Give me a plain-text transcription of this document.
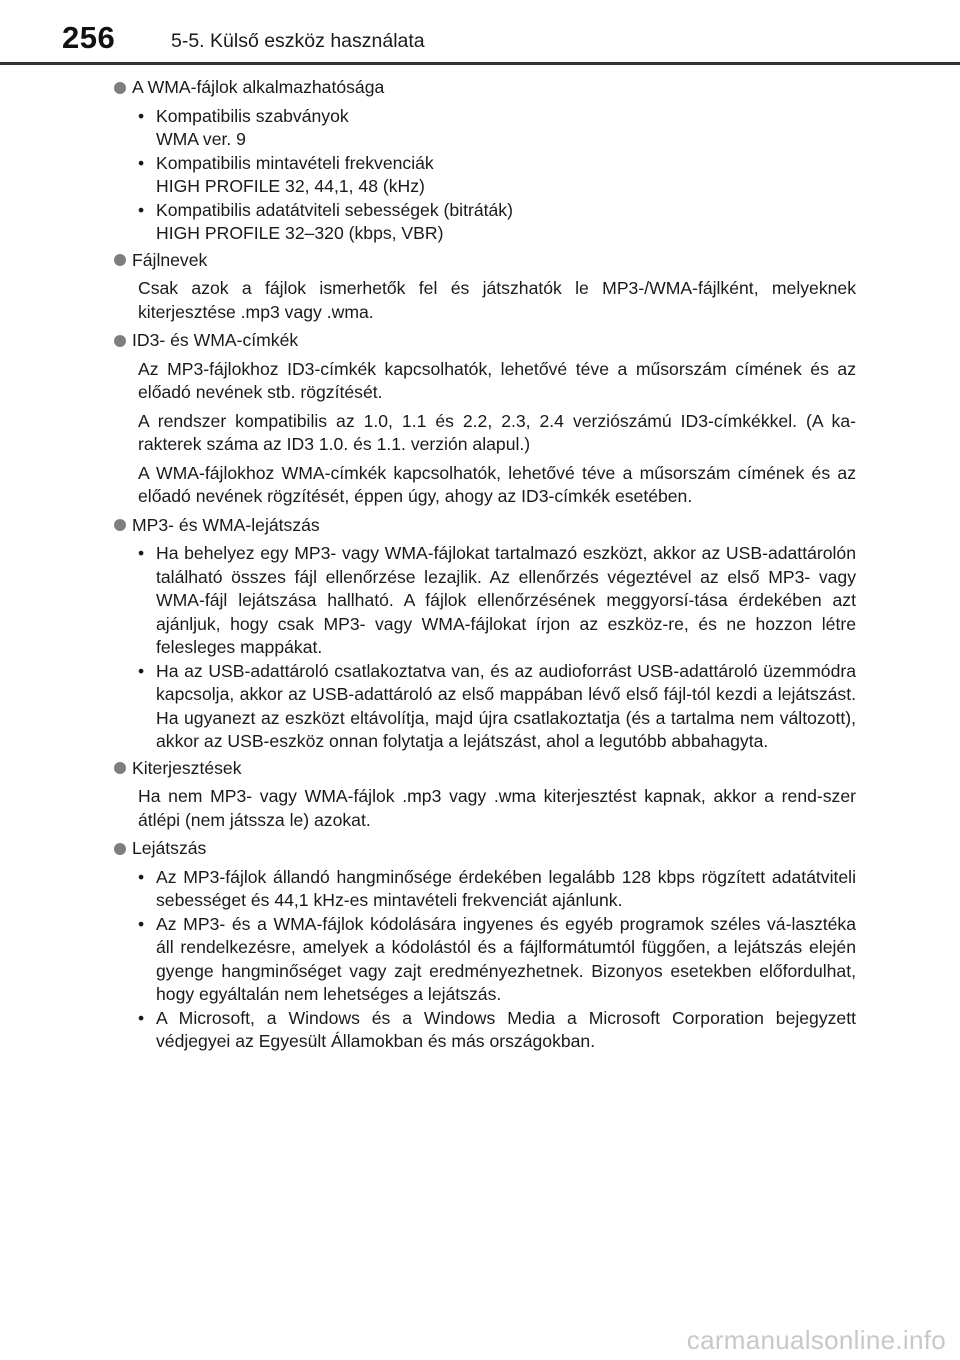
256	5-5. Külső eszköz használata
A WMA-fájlok alkalmazhatósága
• Kompatibilis szabványok
WMA ver. 9
• Kompatibilis mintavételi frekvenciák
HIGH PROFILE 32, 44,1, 48 (kHz)
• Kompatibilis adatátviteli sebességek (bitráták)
HIGH PROFILE 32–320 (kbps, VBR)
Fájlnevek

Csak azok a fájlok ismerhetők fel és játszhatók le MP3-/WMA-fájlként, melyeknek kiterjesztése .mp3 vagy .wma.

ID3- és WMA-címkék

Az MP3-fájlokhoz ID3-címkék kapcsolhatók, lehetővé téve a műsorszám címének és az előadó nevének stb. rögzítését.

A rendszer kompatibilis az 1.0, 1.1 és 2.2, 2.3, 2.4 verziószámú ID3-címkékkel. (A ka-rakterek száma az ID3 1.0. és 1.1. verzión alapul.)

A WMA-fájlokhoz WMA-címkék kapcsolhatók, lehetővé téve a műsorszám címének és az előadó nevének rögzítését, éppen úgy, ahogy az ID3-címkék esetében.

MP3- és WMA-lejátszás
• Ha behelyez egy MP3- vagy WMA-fájlokat tartalmazó eszközt, akkor az USB-adattárolón található összes fájl ellenőrzése lezajlik. Az ellenőrzés végeztével az első MP3- vagy WMA-fájl lejátszása hallható. A fájlok ellenőrzésének meggyorsí-tása érdekében azt ajánljuk, hogy csak MP3- vagy WMA-fájlokat írjon az eszköz-re, és ne hozzon létre felesleges mappákat.
• Ha az USB-adattároló csatlakoztatva van, és az audioforrást USB-adattároló üzemmódra kapcsolja, akkor az USB-adattároló az első mappában lévő első fájl-tól kezdi a lejátszást. Ha ugyanezt az eszközt eltávolítja, majd újra csatlakoztatja (és a tartalma nem változott), akkor az USB-eszköz onnan folytatja a lejátszást, ahol a legutóbb abbahagyta.
Kiterjesztések

Ha nem MP3- vagy WMA-fájlok .mp3 vagy .wma kiterjesztést kapnak, akkor a rend-szer átlépi (nem játssza le) azokat.

Lejátszás
• Az MP3-fájlok állandó hangminősége érdekében legalább 128 kbps rögzített adatátviteli sebességet és 44,1 kHz-es mintavételi frekvenciát ajánlunk.
• Az MP3- és a WMA-fájlok kódolására ingyenes és egyéb programok széles vá-lasztéka áll rendelkezésre, amelyek a kódolástól és a fájlformátumtól függően, a lejátszás elején gyenge hangminőséget vagy zajt eredményezhetnek. Bizonyos esetekben előfordulhat, hogy egyáltalán nem lehetséges a lejátszás.
• A Microsoft, a Windows és a Windows Media a Microsoft Corporation bejegyzett védjegyei az Egyesült Államokban és más országokban.
carmanualsonline.info
